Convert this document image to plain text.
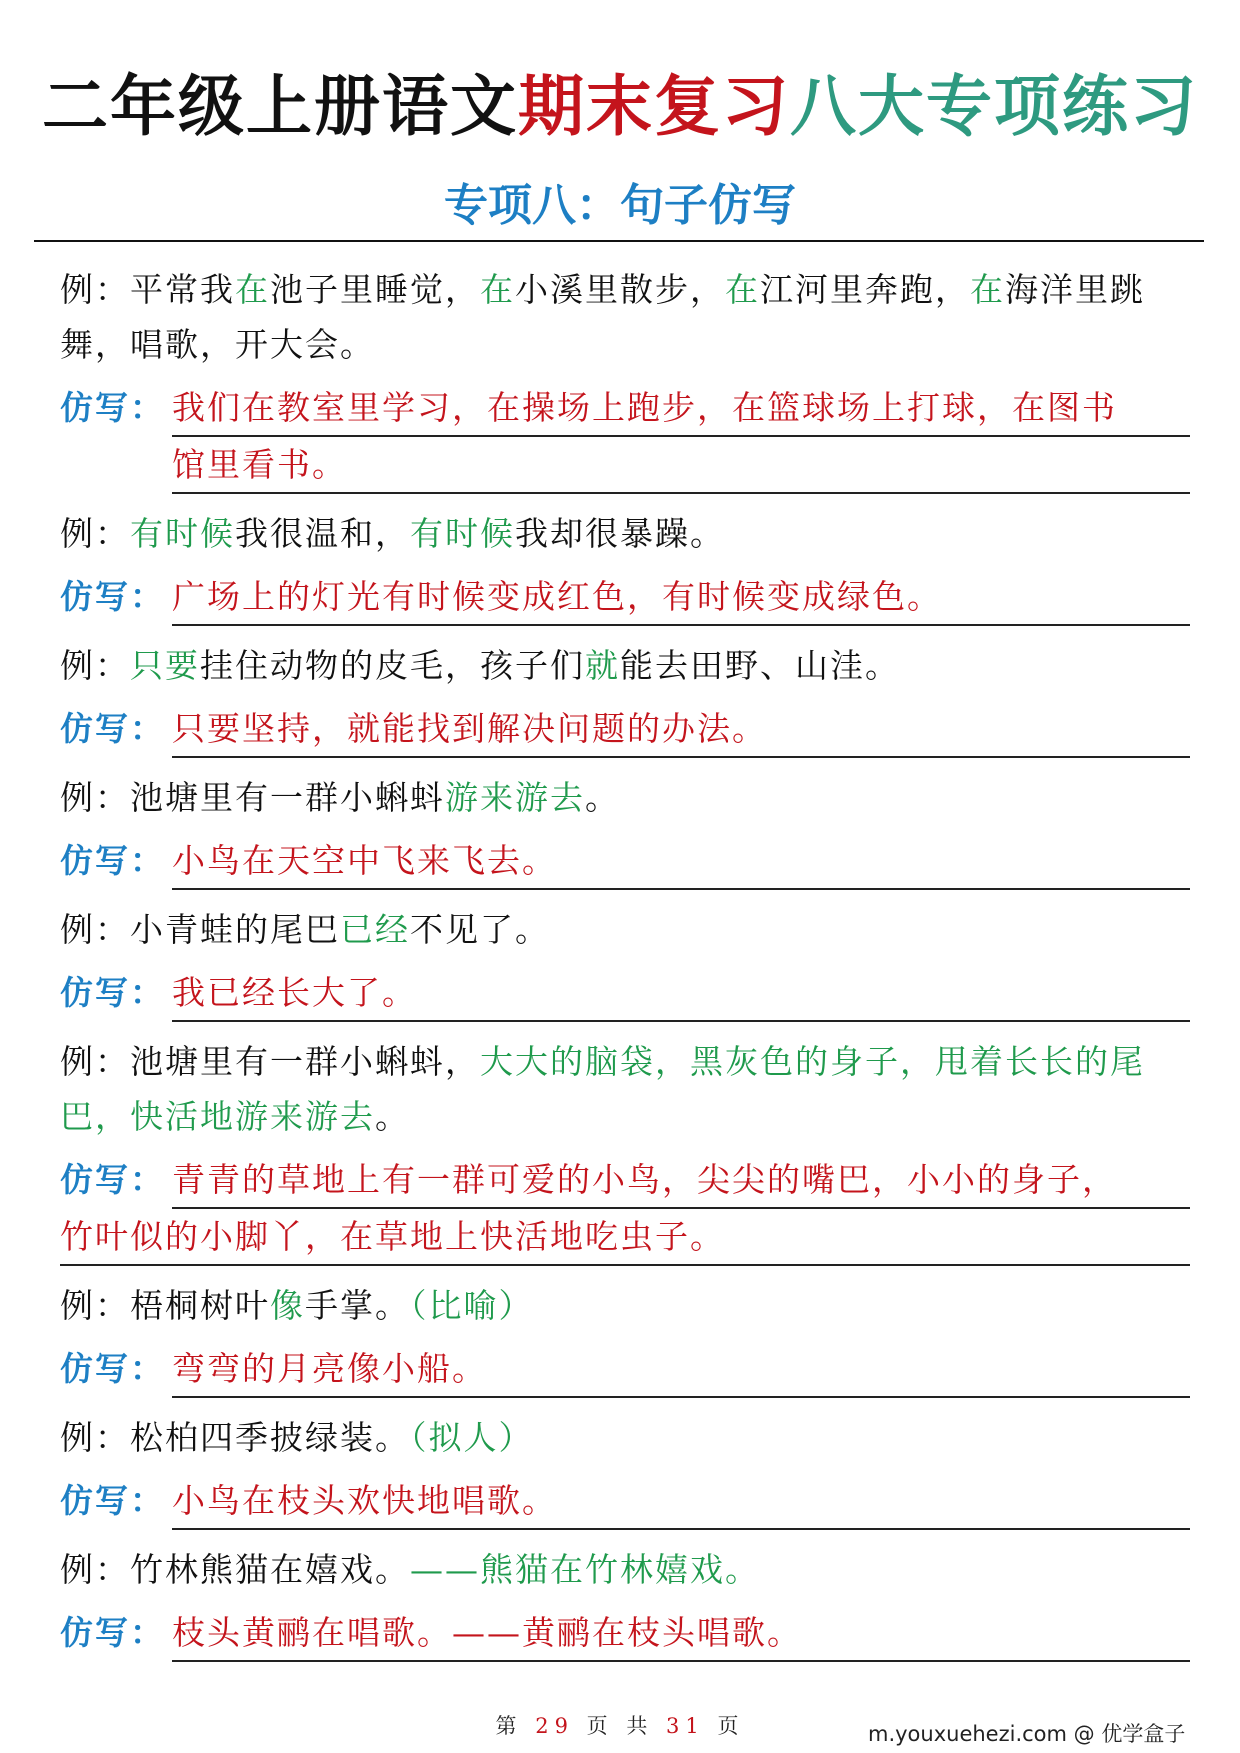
二年级上册语文期末复习八大专项练习
专项八：句子仿写
例：平常我在池子里睡觉，在小溪里散步，在江河里奔跑，在海洋里跳舞，唱歌，开大会。
仿写： 我们在教室里学习，在操场上跑步，在篮球场上打球，在图书
馆里看书。
例：有时候我很温和，有时候我却很暴躁。
仿写： 广场上的灯光有时候变成红色，有时候变成绿色。
例：只要挂住动物的皮毛，孩子们就能去田野、山洼。
仿写： 只要坚持，就能找到解决问题的办法。
例：池塘里有一群小蝌蚪游来游去。
仿写： 小鸟在天空中飞来飞去。
例：小青蛙的尾巴已经不见了。
仿写： 我已经长大了。
例：池塘里有一群小蝌蚪，大大的脑袋，黑灰色的身子，甩着长长的尾巴，快活地游来游去。
仿写： 青青的草地上有一群可爱的小鸟，尖尖的嘴巴，小小的身子，
竹叶似的小脚丫，在草地上快活地吃虫子。
例：梧桐树叶像手掌。（比喻）
仿写： 弯弯的月亮像小船。
例：松柏四季披绿装。（拟人）
仿写： 小鸟在枝头欢快地唱歌。
例：竹林熊猫在嬉戏。——熊猫在竹林嬉戏。
仿写： 枝头黄鹂在唱歌。——黄鹂在枝头唱歌。
第 29 页 共 31 页	m.youxuehezi.com @ 优学盒子
